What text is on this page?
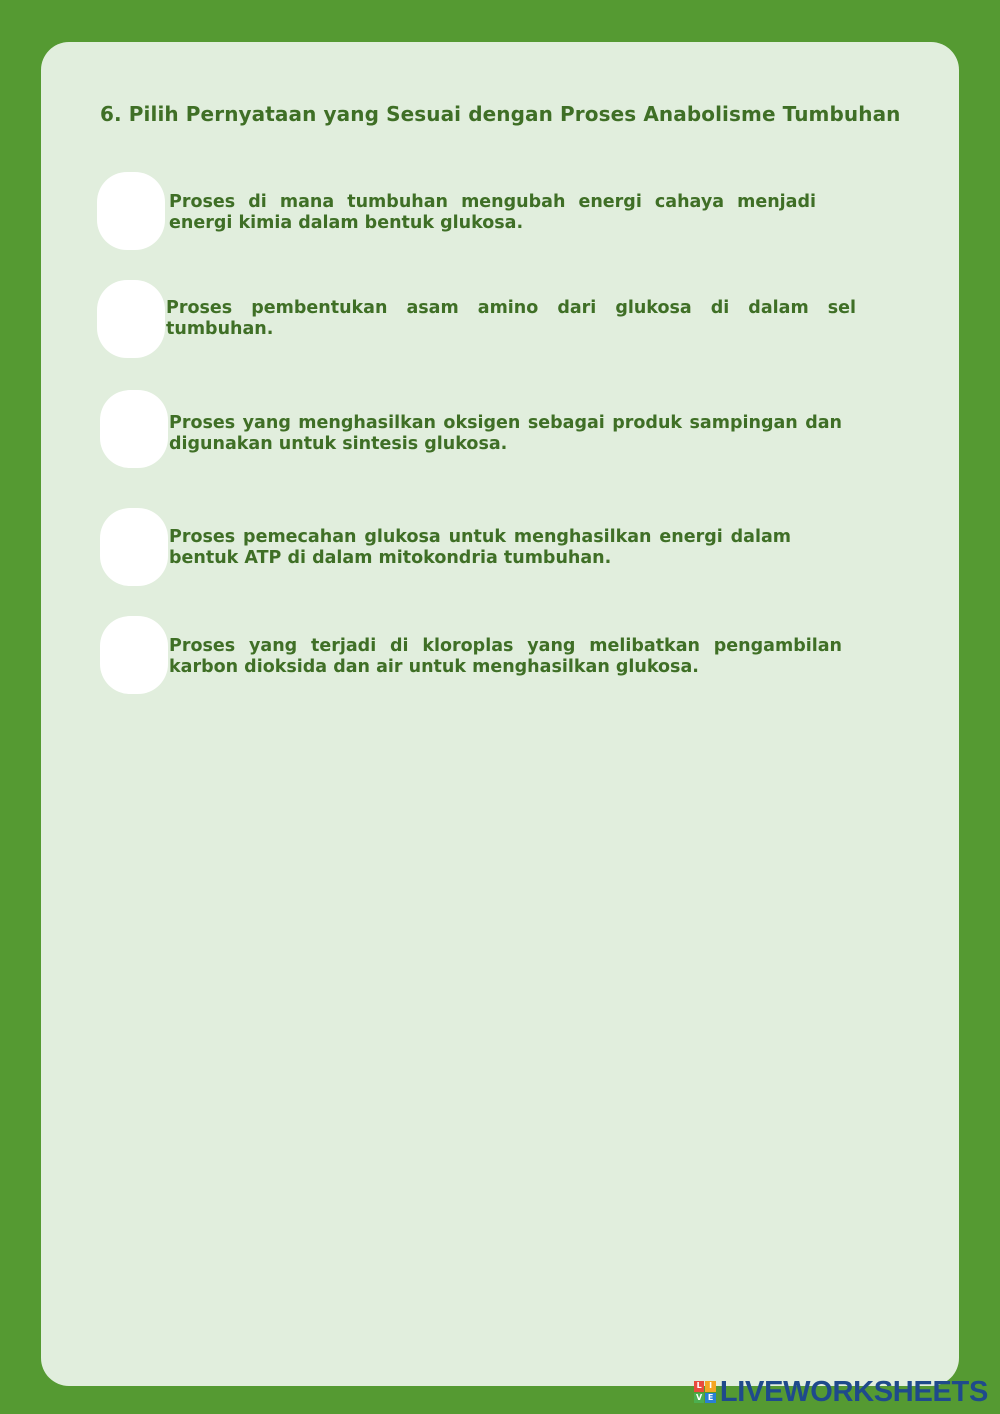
6. Pilih Pernyataan yang Sesuai dengan Proses Anabolisme Tumbuhan

Proses di mana tumbuhan mengubah energi cahaya menjadi energi kimia dalam bentuk glukosa.

Proses pembentukan asam amino dari glukosa di dalam sel tumbuhan.

Proses yang menghasilkan oksigen sebagai produk sampingan dan digunakan untuk sintesis glukosa.

Proses pemecahan glukosa untuk menghasilkan energi dalam bentuk ATP di dalam mitokondria tumbuhan.

Proses yang terjadi di kloroplas yang melibatkan pengambilan karbon dioksida dan air untuk menghasilkan glukosa.

L I
V E LIVEWORKSHEETS
